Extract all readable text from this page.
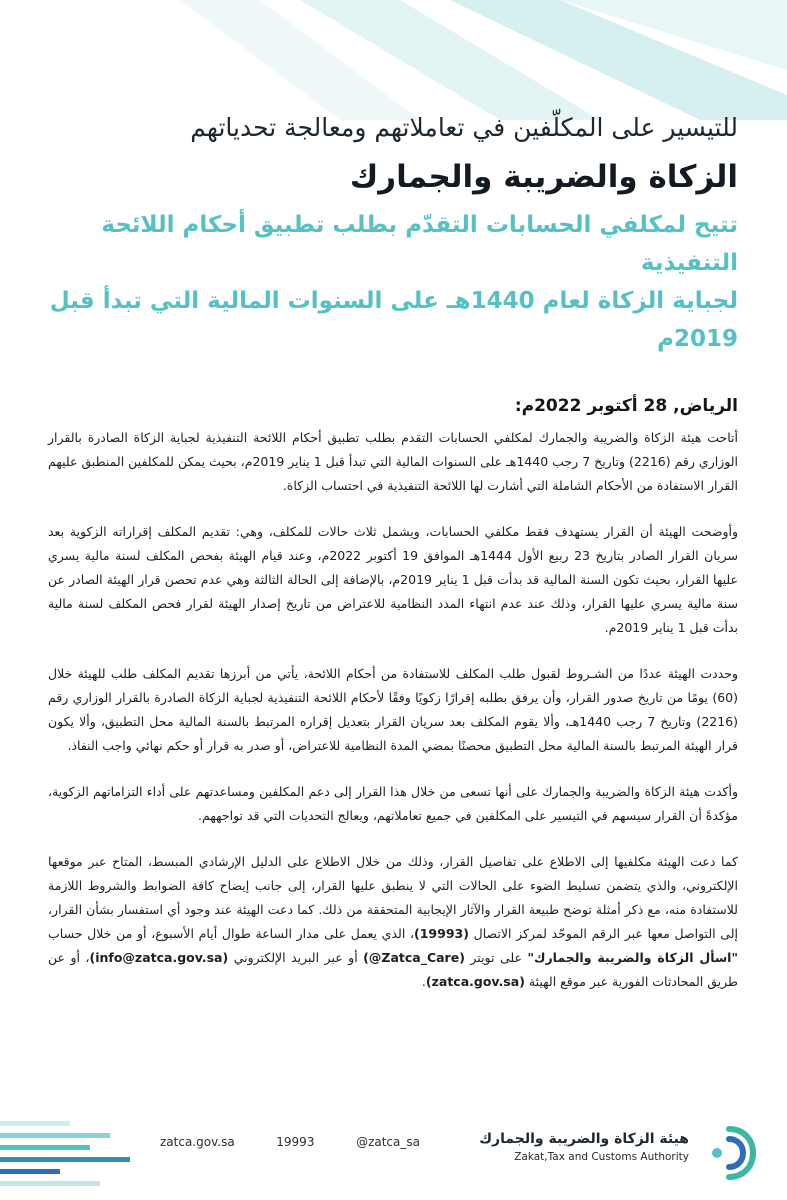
للتيسير على المكلّفين في تعاملاتهم ومعالجة تحدياتهم

الزكاة والضريبة والجمارك

تتيح لمكلفي الحسابات التقدّم بطلب تطبيق أحكام اللائحة التنفيذية

لجباية الزكاة لعام 1440هـ على السنوات المالية التي تبدأ قبل 2019م

الرياض, 28 أكتوبر 2022م:

أتاحت هيئة الزكاة والضريبة والجمارك لمكلفي الحسابات التقدم بطلب تطبيق أحكام اللائحة التنفيذية لجباية الزكاة الصادرة بالقرار الوزاري رقم (2216) وتاريخ 7 رجب 1440هـ على السنوات المالية التي تبدأ قبل 1 يناير 2019م، بحيث يمكن للمكلفين المنطبق عليهم القرار الاستفادة من الأحكام الشاملة التي أشارت لها اللائحة التنفيذية في احتساب الزكاة.

وأوضحت الهيئة أن القرار يستهدف فقط مكلفي الحسابات، ويشمل ثلاث حالات للمكلف، وهي: تقديم المكلف إقراراته الزكوية بعد سريان القرار الصادر بتاريخ 23 ربيع الأول 1444هـ الموافق 19 أكتوبر 2022م، وعند قيام الهيئة بفحص المكلف لسنة مالية يسري عليها القرار، بحيث تكون السنة المالية قد بدأت قبل 1 يناير 2019م، بالإضافة إلى الحالة الثالثة وهي عدم تحصن قرار الهيئة الصادر عن سنة مالية يسري عليها القرار، وذلك عند عدم انتهاء المدد النظامية للاعتراض من تاريخ إصدار الهيئة لقرار فحص المكلف لسنة مالية بدأت قبل 1 يناير 2019م.

وحددت الهيئة عددًا من الشـروط لقبول طلب المكلف للاستفادة من أحكام اللائحة، يأتي من أبرزها تقديم المكلف طلب للهيئة خلال (60) يومًا من تاريخ صدور القرار، وأن يرفق بطلبه إقرارًا زكويًا وفقًا لأحكام اللائحة التنفيذية لجباية الزكاة الصادرة بالقرار الوزاري رقم (2216) وتاريخ 7 رجب 1440هـ، وألا يقوم المكلف بعد سريان القرار بتعديل إقراره المرتبط بالسنة المالية محل التطبيق، وألا يكون قرار الهيئة المرتبط بالسنة المالية محل التطبيق محصنًا بمضي المدة النظامية للاعتراض، أو صدر به قرار أو حكم نهائي واجب النفاذ.

وأكدت هيئة الزكاة والضريبة والجمارك على أنها تسعى من خلال هذا القرار إلى دعم المكلفين ومساعدتهم على أداء التزاماتهم الزكوية، مؤكدةً أن القرار سيسهم في التيسير على المكلفين في جميع تعاملاتهم، ويعالج التحديات التي قد تواجههم.

كما دعت الهيئة مكلفيها إلى الاطلاع على تفاصيل القرار، وذلك من خلال الاطلاع على الدليل الإرشادي المبسط، المتاح عبر موقعها الإلكتروني، والذي يتضمن تسليط الضوء على الحالات التي لا ينطبق عليها القرار، إلى جانب إيضاح كافة الضوابط والشروط اللازمة للاستفادة منه، مع ذكر أمثلة توضح طبيعة القرار والآثار الإيجابية المتحققة من ذلك. كما دعت الهيئة عند وجود أي استفسار بشأن القرار، إلى التواصل معها عبر الرقم الموحّد لمركز الاتصال (19993)، الذي يعمل على مدار الساعة طوال أيام الأسبوع، أو من خلال حساب "اسأل الزكاة والضريبة والجمارك" على تويتر (Zatca_Care@) أو عبر البريد الإلكتروني (info@zatca.gov.sa)، أو عن طريق المحادثات الفورية عبر موقع الهيئة (zatca.gov.sa).

zatca.gov.sa	19993	@zatca_sa	هيئة الزكاة والضريبة والجمارك
Zakat,Tax and Customs Authority
